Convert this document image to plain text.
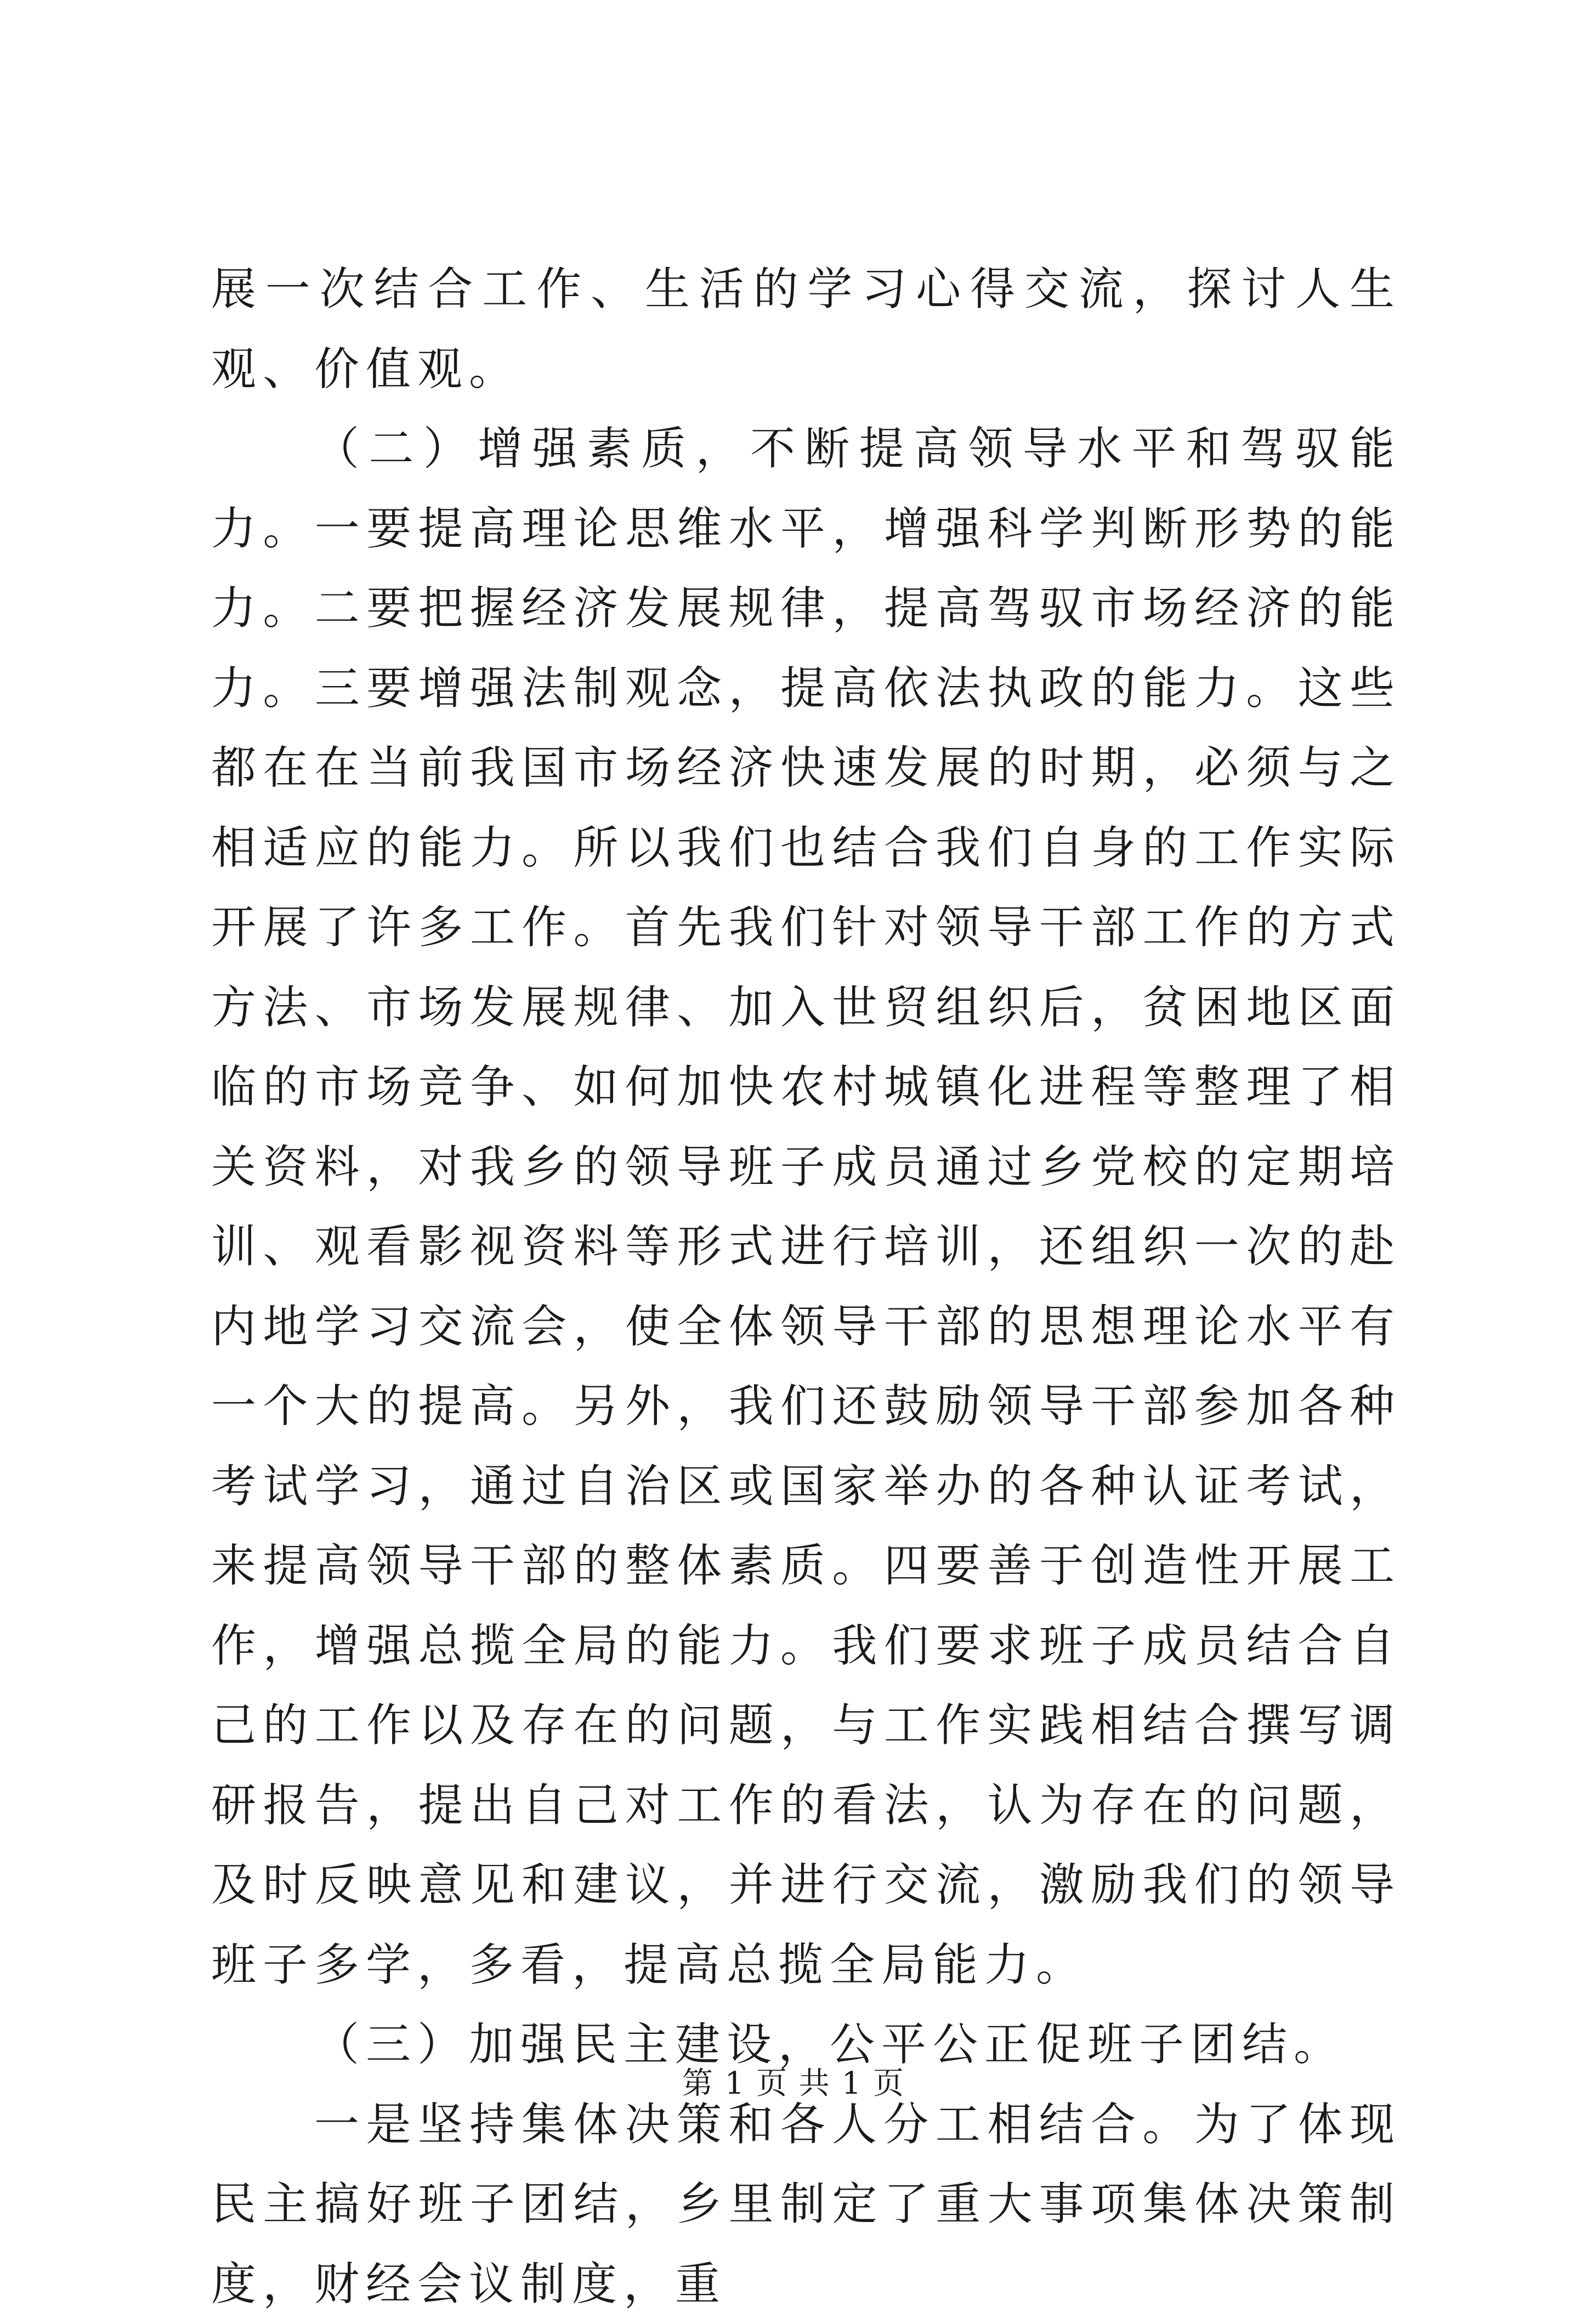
展一次结合工作、生活的学习心得交流，探讨人生观、价值观。

（二）增强素质，不断提高领导水平和驾驭能力。一要提高理论思维水平，增强科学判断形势的能力。二要把握经济发展规律，提高驾驭市场经济的能力。三要增强法制观念，提高依法执政的能力。这些都在在当前我国市场经济快速发展的时期，必须与之相适应的能力。所以我们也结合我们自身的工作实际开展了许多工作。首先我们针对领导干部工作的方式方法、市场发展规律、加入世贸组织后，贫困地区面临的市场竞争、如何加快农村城镇化进程等整理了相关资料，对我乡的领导班子成员通过乡党校的定期培训、观看影视资料等形式进行培训，还组织一次的赴内地学习交流会，使全体领导干部的思想理论水平有一个大的提高。另外，我们还鼓励领导干部参加各种考试学习，通过自治区或国家举办的各种认证考试，来提高领导干部的整体素质。四要善于创造性开展工作，增强总揽全局的能力。我们要求班子成员结合自己的工作以及存在的问题，与工作实践相结合撰写调研报告，提出自己对工作的看法，认为存在的问题，及时反映意见和建议，并进行交流，激励我们的领导班子多学，多看，提高总揽全局能力。

（三）加强民主建设，公平公正促班子团结。

一是坚持集体决策和各人分工相结合。为了体现民主搞好班子团结，乡里制定了重大事项集体决策制度，财经会议制度，重

第 1 页 共 1 页
